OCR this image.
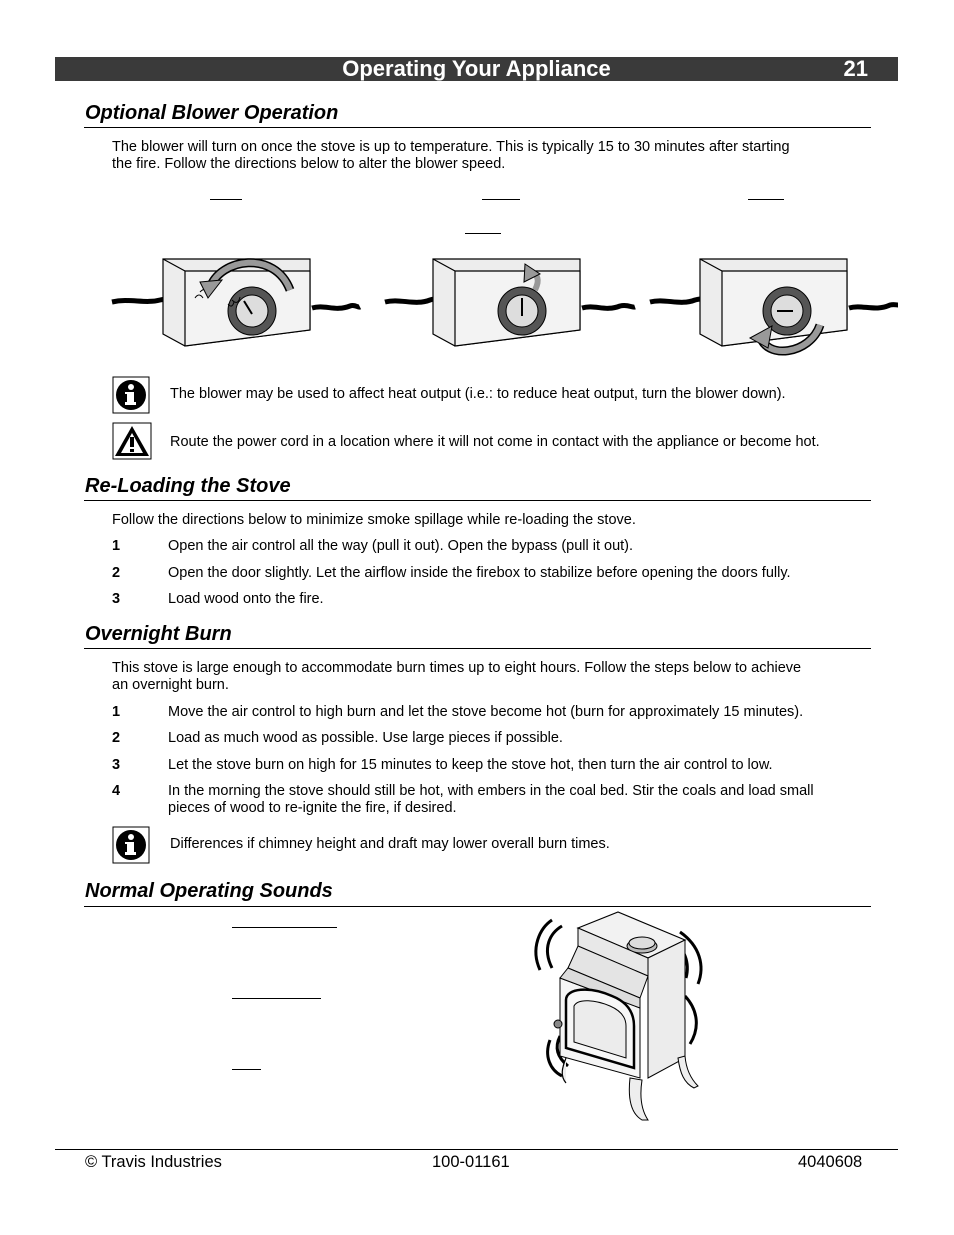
Operating Your Appliance	21
Optional Blower Operation
The blower will turn on once the stove is up to temperature. This is typically 15 to 30 minutes after starting the fire. Follow the directions below to alter the blower speed.
The blower may be used to affect heat output (i.e.: to reduce heat output, turn the blower down).
Route the power cord in a location where it will not come in contact with the appliance or become hot.
Re-Loading the Stove
Follow the directions below to minimize smoke spillage while re-loading the stove.
1	Open the air control all the way (pull it out). Open the bypass (pull it out).
2	Open the door slightly. Let the airflow inside the firebox to stabilize before opening the doors fully.
3	Load wood onto the fire.
Overnight Burn
This stove is large enough to accommodate burn times up to eight hours. Follow the steps below to achieve an overnight burn.
1	Move the air control to high burn and let the stove become hot (burn for approximately 15 minutes).
2	Load as much wood as possible. Use large pieces if possible.
3	Let the stove burn on high for 15 minutes to keep the stove hot, then turn the air control to low.
4	In the morning the stove should still be hot, with embers in the coal bed. Stir the coals and load small pieces of wood to re-ignite the fire, if desired.
Differences if chimney height and draft may lower overall burn times.
Normal Operating Sounds
© Travis Industries	100-01161	4040608
